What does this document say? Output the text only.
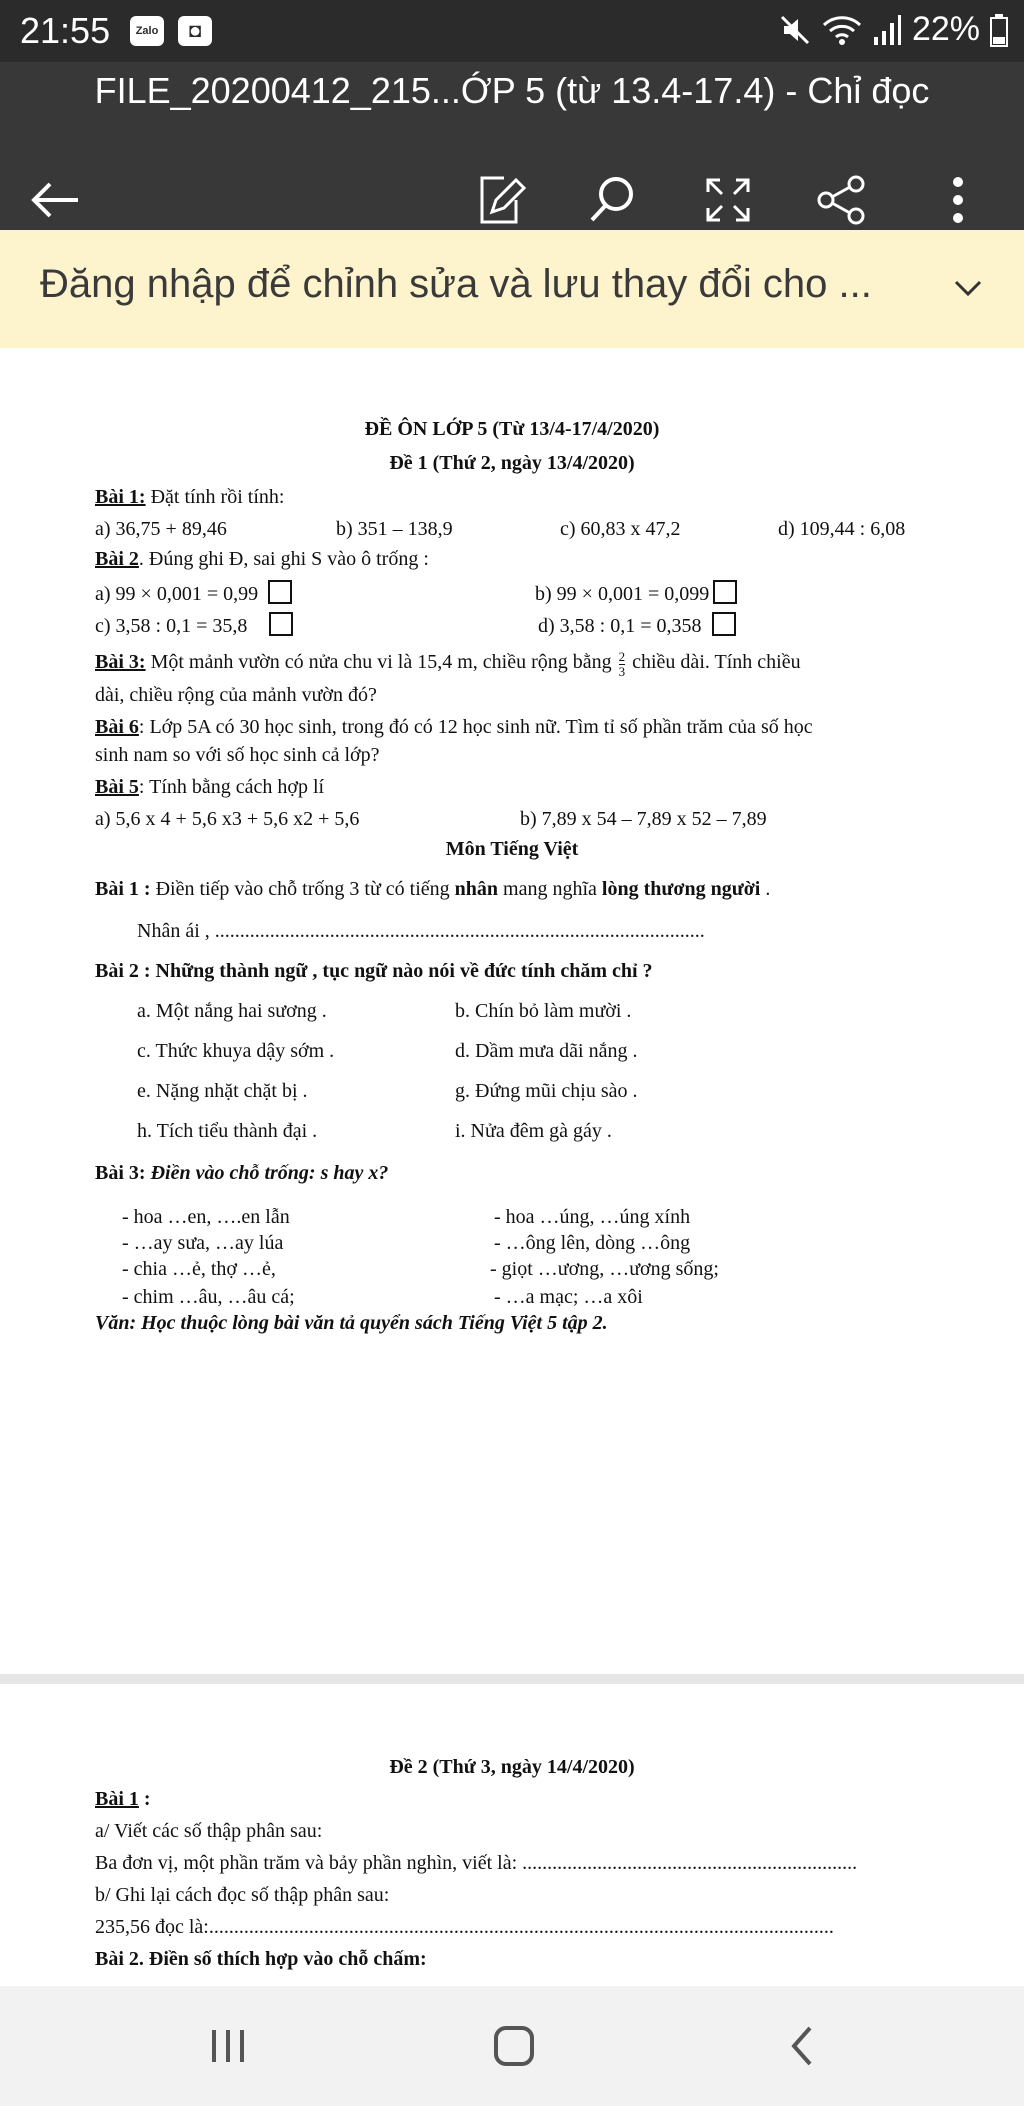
21:55	Zalo	◘	22%
FILE_20200412_215...ỚP 5 (từ 13.4-17.4) - Chỉ đọc
Đăng nhập để chỉnh sửa và lưu thay đổi cho ...
ĐỀ ÔN LỚP 5 (Từ 13/4-17/4/2020)
Đề 1 (Thứ 2, ngày 13/4/2020)
Bài 1: Đặt tính rồi tính:
a) 36,75 + 89,46	b) 351 – 138,9	c) 60,83 x 47,2	d) 109,44 : 6,08
Bài 2. Đúng ghi Đ, sai ghi S vào ô trống :
a) 99 × 0,001 = 0,99	b) 99 × 0,001 = 0,099
c) 3,58 : 0,1 = 35,8	d) 3,58 : 0,1 = 0,358
Bài 3: Một mảnh vườn có nửa chu vi là 15,4 m, chiều rộng bằng $\frac{2}{3}$ chiều dài. Tính chiều
dài, chiều rộng của mảnh vườn đó?
Bài 6: Lớp 5A có 30 học sinh, trong đó có 12 học sinh nữ. Tìm tỉ số phần trăm của số học
sinh nam so với số học sinh cả lớp?
Bài 5: Tính bằng cách hợp lí
a) 5,6 x 4 + 5,6 x3 + 5,6 x2 + 5,6	b) 7,89 x 54 – 7,89 x 52 – 7,89
Môn Tiếng Việt
Bài 1 : Điền tiếp vào chỗ trống 3 từ có tiếng nhân mang nghĩa lòng thương người .
Nhân ái , ..................................................................................................
Bài 2 : Những thành ngữ , tục ngữ nào nói về đức tính chăm chỉ ?
a. Một nắng hai sương .	b. Chín bỏ làm mười .
c. Thức khuya dậy sớm .	d. Dầm mưa dãi nắng .
e. Nặng nhặt chặt bị .	g. Đứng mũi chịu sào .
h. Tích tiểu thành đại .	i. Nửa đêm gà gáy .
Bài 3: Điền vào chỗ trống: s hay x?
- hoa …en, ….en lẫn	- hoa …úng, …úng xính
- …ay sưa, …ay lúa	- …ông lên, dòng …ông
- chia …ẻ, thợ …ẻ,	- giọt …ương, …ương sống;
- chim …âu, …âu cá;	- …a mạc; …a xôi
Văn: Học thuộc lòng bài văn tả quyển sách Tiếng Việt 5 tập 2.
Đề 2 (Thứ 3, ngày 14/4/2020)
Bài 1 :
a/ Viết các số thập phân sau:
Ba đơn vị, một phần trăm và bảy phần nghìn, viết là: ...................................................................
b/ Ghi lại cách đọc số thập phân sau:
235,56 đọc là:.............................................................................................................................
Bài 2. Điền số thích hợp vào chỗ chấm:
